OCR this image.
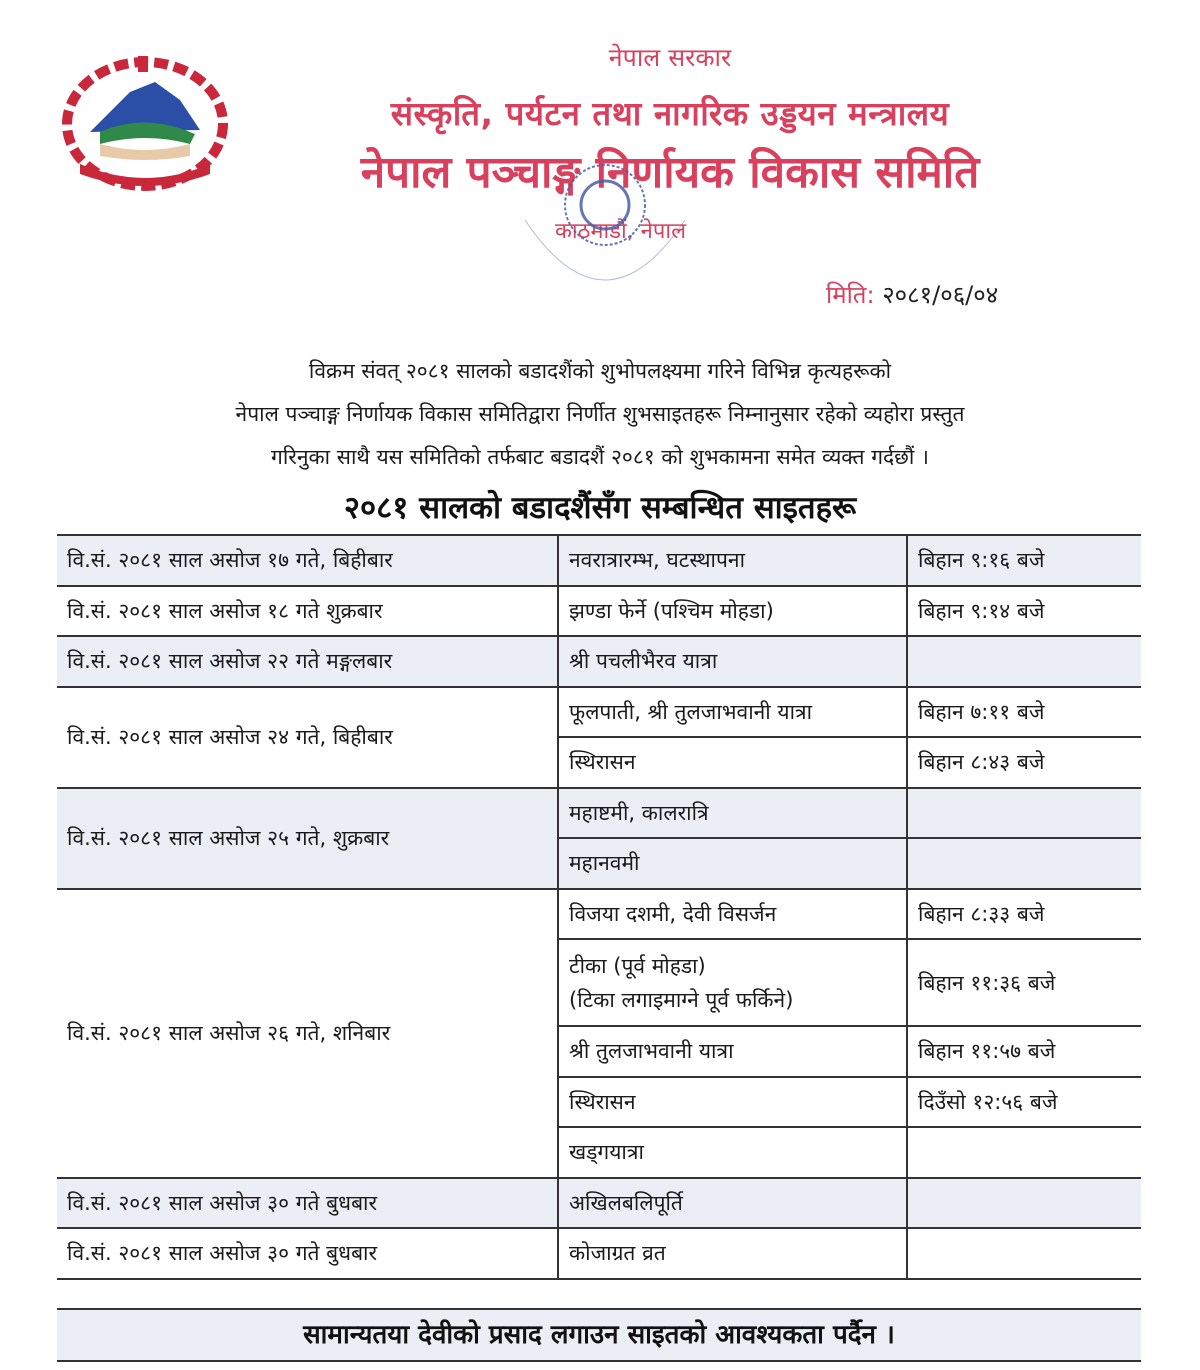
नेपाल सरकार
संस्कृति, पर्यटन तथा नागरिक उड्डयन मन्त्रालय
नेपाल पञ्चाङ्ग निर्णायक विकास समिति
काठमाडौं, नेपाल
मिति: २०८१/०६/०४
विक्रम संवत् २०८१ सालको बडादशैंको शुभोपलक्ष्यमा गरिने विभिन्न कृत्यहरूको
नेपाल पञ्चाङ्ग निर्णायक विकास समितिद्वारा निर्णीत शुभसाइतहरू निम्नानुसार रहेको व्यहोरा प्रस्तुत
गरिनुका साथै यस समितिको तर्फबाट बडादशैं २०८१ को शुभकामना समेत व्यक्त गर्दछौं ।
२०८१ सालको बडादशैंसँग सम्बन्धित साइतहरू
वि.सं. २०८१ साल असोज १७ गते, बिहीबार	नवरात्रारम्भ, घटस्थापना	बिहान ९:१६ बजे
वि.सं. २०८१ साल असोज १८ गते शुक्रबार	झण्डा फेर्ने (पश्चिम मोहडा)	बिहान ९:१४ बजे
वि.सं. २०८१ साल असोज २२ गते मङ्गलबार	श्री पचलीभैरव यात्रा	
वि.सं. २०८१ साल असोज २४ गते, बिहीबार	फूलपाती, श्री तुलजाभवानी यात्रा	बिहान ७:११ बजे
	स्थिरासन	बिहान ८:४३ बजे
वि.सं. २०८१ साल असोज २५ गते, शुक्रबार	महाष्टमी, कालरात्रि	
	महानवमी	
वि.सं. २०८१ साल असोज २६ गते, शनिबार	विजया दशमी, देवी विसर्जन	बिहान ८:३३ बजे

	टीका (पूर्व मोहडा)
(टिका लगाइमाग्ने पूर्व फर्किने)	बिहान ११:३६ बजे
	श्री तुलजाभवानी यात्रा	बिहान ११:५७ बजे
	स्थिरासन	दिउँसो १२:५६ बजे
	खड्गयात्रा	
वि.सं. २०८१ साल असोज ३० गते बुधबार	अखिलबलिपूर्ति	
वि.सं. २०८१ साल असोज ३० गते बुधबार	कोजाग्रत व्रत	
सामान्यतया देवीको प्रसाद लगाउन साइतको आवश्यकता पर्दैन ।
